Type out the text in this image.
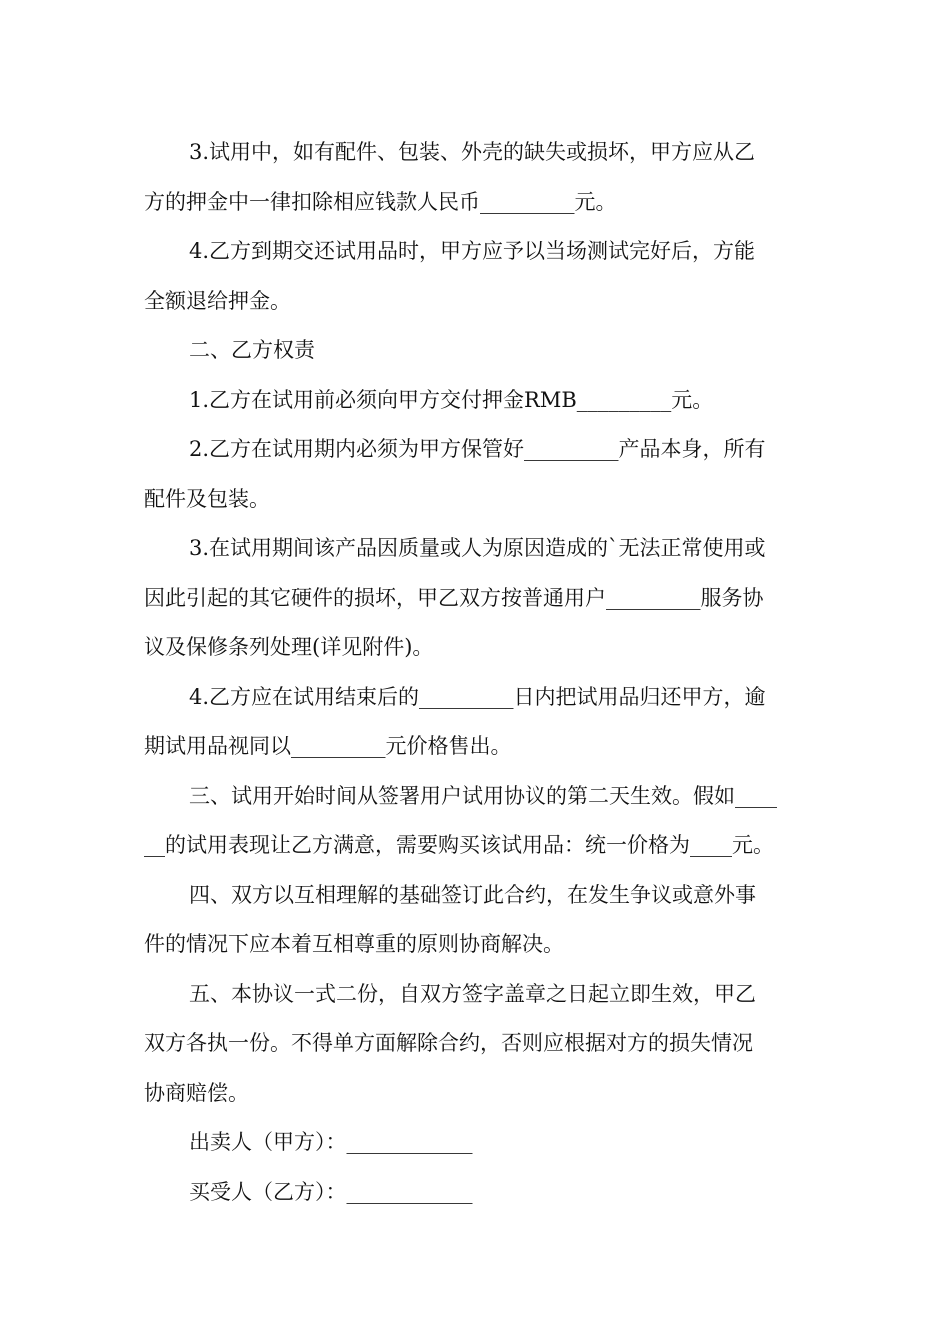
3.试用中，如有配件、包装、外壳的缺失或损坏，甲方应从乙
方的押金中一律扣除相应钱款人民币_________元。

4.乙方到期交还试用品时，甲方应予以当场测试完好后，方能
全额退给押金。

二、乙方权责

1.乙方在试用前必须向甲方交付押金RMB_________元。

2.乙方在试用期内必须为甲方保管好_________产品本身，所有
配件及包装。

3.在试用期间该产品因质量或人为原因造成的`无法正常使用或
因此引起的其它硬件的损坏，甲乙双方按普通用户_________服务协
议及保修条列处理(详见附件)。

4.乙方应在试用结束后的_________日内把试用品归还甲方，逾
期试用品视同以_________元价格售出。

三、试用开始时间从签署用户试用协议的第二天生效。假如____
__的试用表现让乙方满意，需要购买该试用品：统一价格为____元。

四、双方以互相理解的基础签订此合约，在发生争议或意外事
件的情况下应本着互相尊重的原则协商解决。

五、本协议一式二份，自双方签字盖章之日起立即生效，甲乙
双方各执一份。不得单方面解除合约，否则应根据对方的损失情况
协商赔偿。

出卖人（甲方）：____________

买受人（乙方）：____________
